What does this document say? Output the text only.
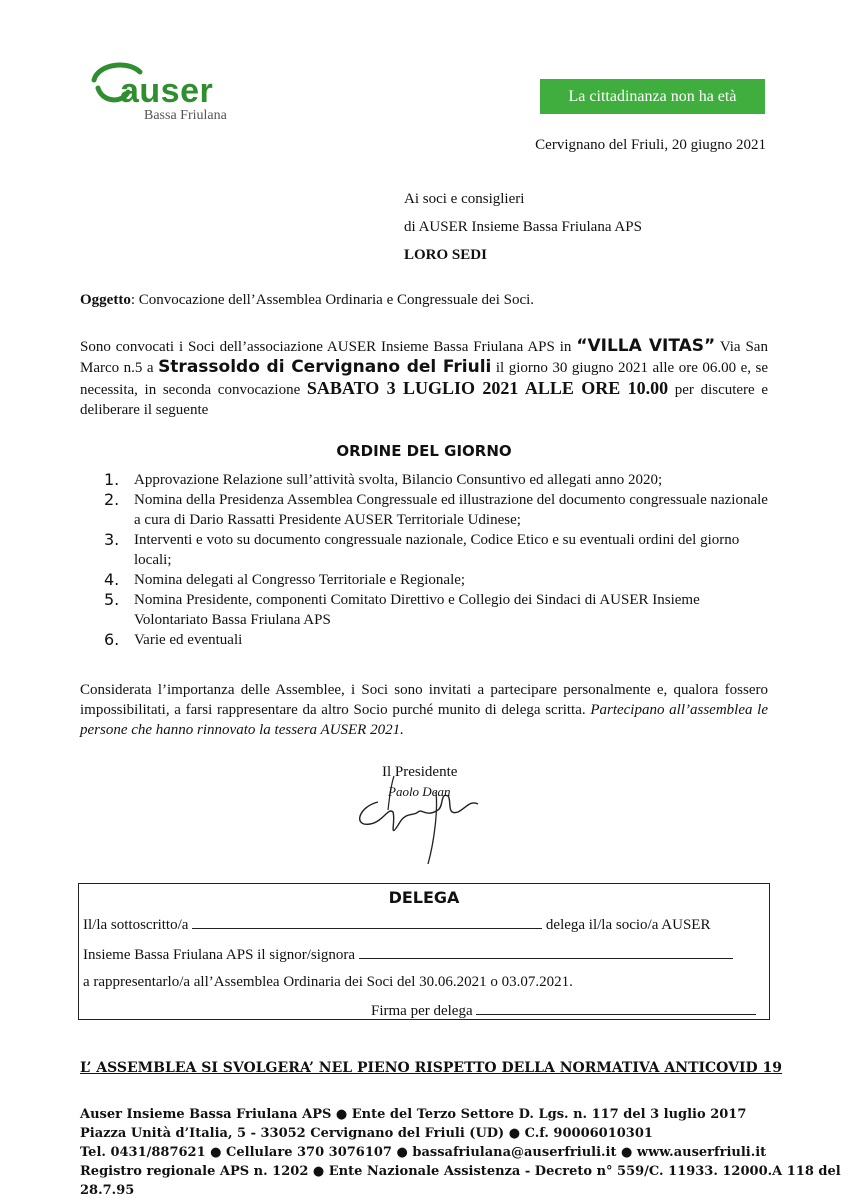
auser
Bassa Friulana
La cittadinanza non ha età
Cervignano del Friuli, 20 giugno 2021
Ai soci e consiglieri
di AUSER Insieme Bassa Friulana APS
LORO SEDI
Oggetto: Convocazione dell’Assemblea Ordinaria e Congressuale dei Soci.
Sono convocati i Soci dell’associazione AUSER Insieme Bassa Friulana APS in “VILLA VITAS” Via San Marco n.5 a Strassoldo di Cervignano del Friuli il giorno 30 giugno 2021 alle ore 06.00 e, se necessita, in seconda convocazione SABATO 3 LUGLIO 2021 ALLE ORE 10.00 per discutere e deliberare il seguente
ORDINE DEL GIORNO
1. Approvazione Relazione sull’attività svolta, Bilancio Consuntivo ed allegati anno 2020;
2. Nomina della Presidenza Assemblea Congressuale ed illustrazione del documento congressuale nazionale a cura di Dario Rassatti Presidente AUSER Territoriale Udinese;
3. Interventi e voto su documento congressuale nazionale, Codice Etico e su eventuali ordini del giorno locali;
4. Nomina delegati al Congresso Territoriale e Regionale;
5. Nomina Presidente, componenti Comitato Direttivo e Collegio dei Sindaci di AUSER Insieme Volontariato Bassa Friulana APS
6. Varie ed eventuali
Considerata l’importanza delle Assemblee, i Soci sono invitati a partecipare personalmente e, qualora fossero impossibilitati, a farsi rappresentare da altro Socio purché munito di delega scritta. Partecipano all’assemblea le persone che hanno rinnovato la tessera AUSER 2021.
Il Presidente
Paolo Dean
DELEGA
Il/la sottoscritto/a	delega il/la socio/a AUSER
Insieme Bassa Friulana APS il signor/signora
a rappresentarlo/a all’Assemblea Ordinaria dei Soci del 30.06.2021 o 03.07.2021.
Firma per delega
L’ ASSEMBLEA SI SVOLGERA’ NEL PIENO RISPETTO DELLA NORMATIVA ANTICOVID 19
Auser Insieme Bassa Friulana APS ● Ente del Terzo Settore D. Lgs. n. 117 del 3 luglio 2017
Piazza Unità d’Italia, 5 - 33052 Cervignano del Friuli (UD) ● C.f. 90006010301
Tel. 0431/887621 ● Cellulare 370 3076107 ● bassafriulana@auserfriuli.it ● www.auserfriuli.it
Registro regionale APS n. 1202 ● Ente Nazionale Assistenza - Decreto n° 559/C. 11933. 12000.A 118 del 28.7.95
